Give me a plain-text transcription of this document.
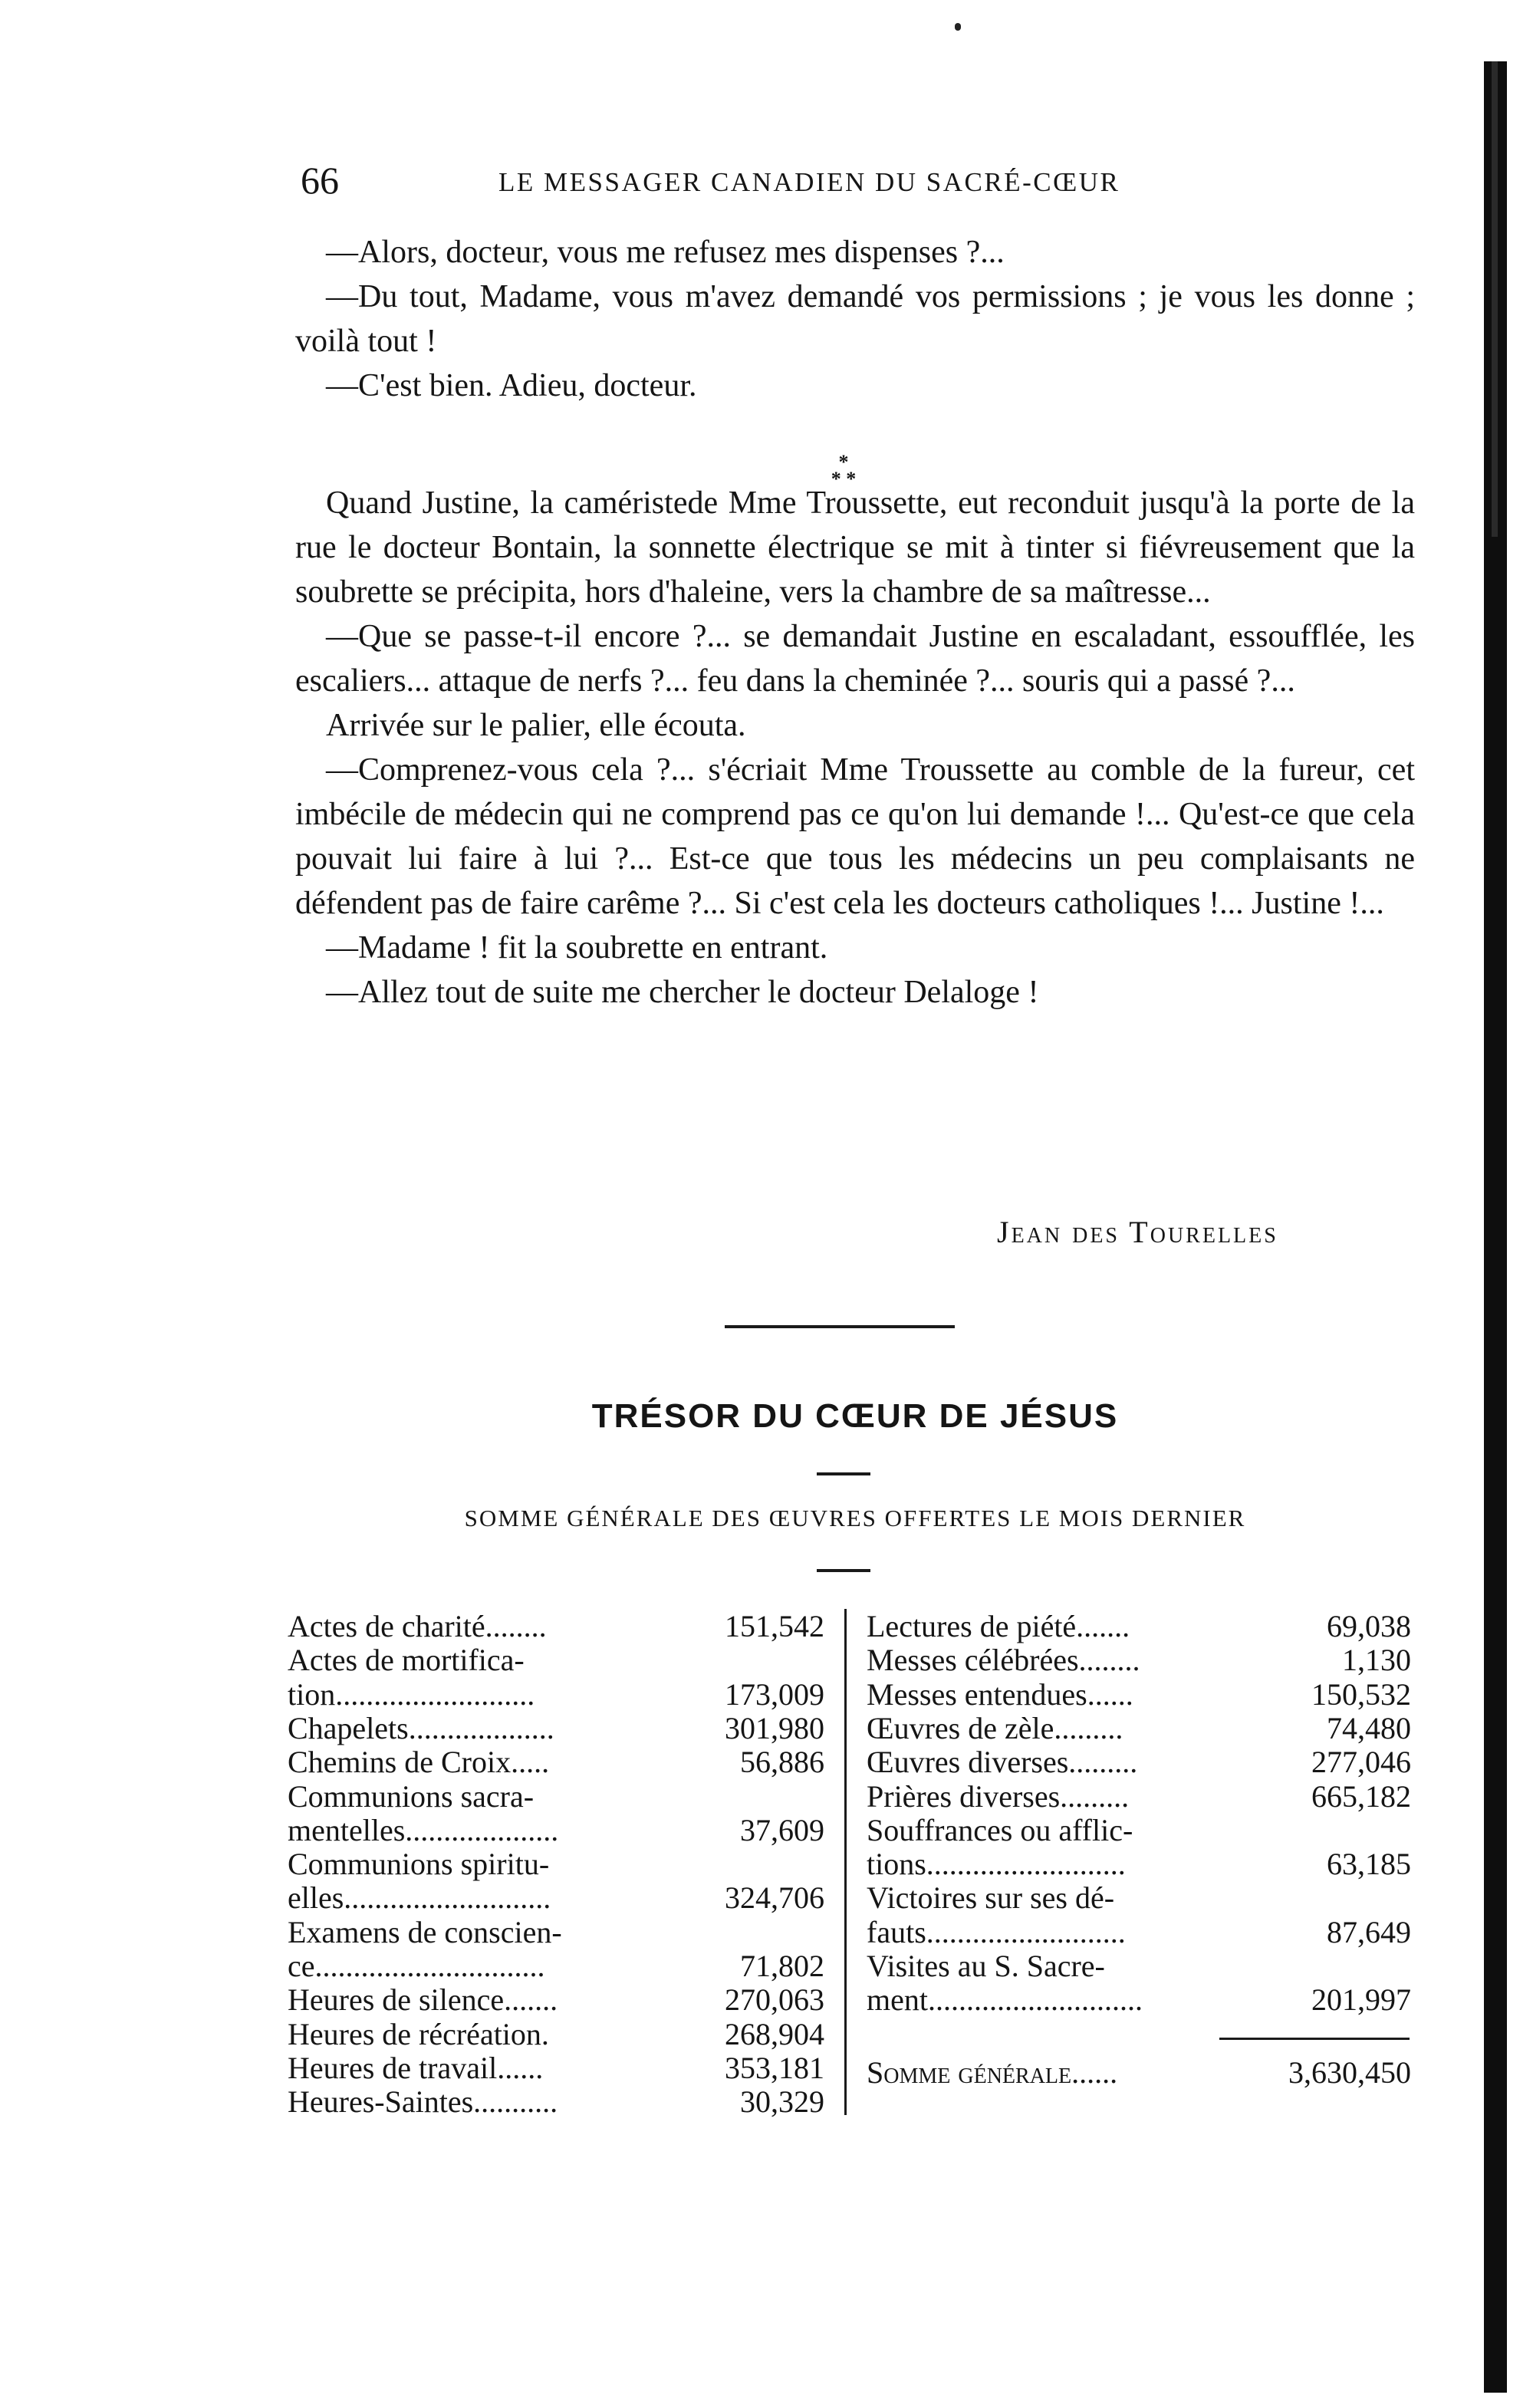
66	LE MESSAGER CANADIEN DU SACRÉ-CŒUR

—Alors, docteur, vous me refusez mes dispenses ?...

—Du tout, Madame, vous m'avez demandé vos permissions ; je vous les donne ; voilà tout !

—C'est bien. Adieu, docteur.

Quand Justine, la caméristede Mme Troussette, eut reconduit jusqu'à la porte de la rue le docteur Bontain, la sonnette électrique se mit à tinter si fiévreusement que la soubrette se précipita, hors d'haleine, vers la chambre de sa maîtresse...

—Que se passe-t-il encore ?... se demandait Justine en escaladant, essoufflée, les escaliers... attaque de nerfs ?... feu dans la cheminée ?... souris qui a passé ?...

Arrivée sur le palier, elle écouta.

—Comprenez-vous cela ?... s'écriait Mme Troussette au comble de la fureur, cet imbécile de médecin qui ne comprend pas ce qu'on lui demande !... Qu'est-ce que cela pouvait lui faire à lui ?... Est-ce que tous les médecins un peu complaisants ne défendent pas de faire carême ?... Si c'est cela les docteurs catholiques !... Justine !...

—Madame ! fit la soubrette en entrant.

—Allez tout de suite me chercher le docteur Delaloge !

*
* *
Jean des Tourelles
TRÉSOR DU CŒUR DE JÉSUS
SOMME GÉNÉRALE DES ŒUVRES OFFERTES LE MOIS DERNIER
Actes de charité........	151,542
Actes de mortifica-
tion..........................	173,009
Chapelets...................	301,980
Chemins de Croix.....	56,886
Communions sacra-
mentelles....................	37,609
Communions spiritu-
elles...........................	324,706
Examens de conscien-
ce..............................	71,802
Heures de silence.......	270,063
Heures de récréation.	268,904
Heures de travail......	353,181
Heures-Saintes...........	30,329
Lectures de piété.......	69,038
Messes célébrées........	1,130
Messes entendues......	150,532
Œuvres de zèle.........	74,480
Œuvres diverses.........	277,046
Prières diverses.........	665,182
Souffrances ou afflic-
tions..........................	63,185
Victoires sur ses dé-
fauts..........................	87,649
Visites au S. Sacre-
ment............................	201,997
Somme générale......	3,630,450
